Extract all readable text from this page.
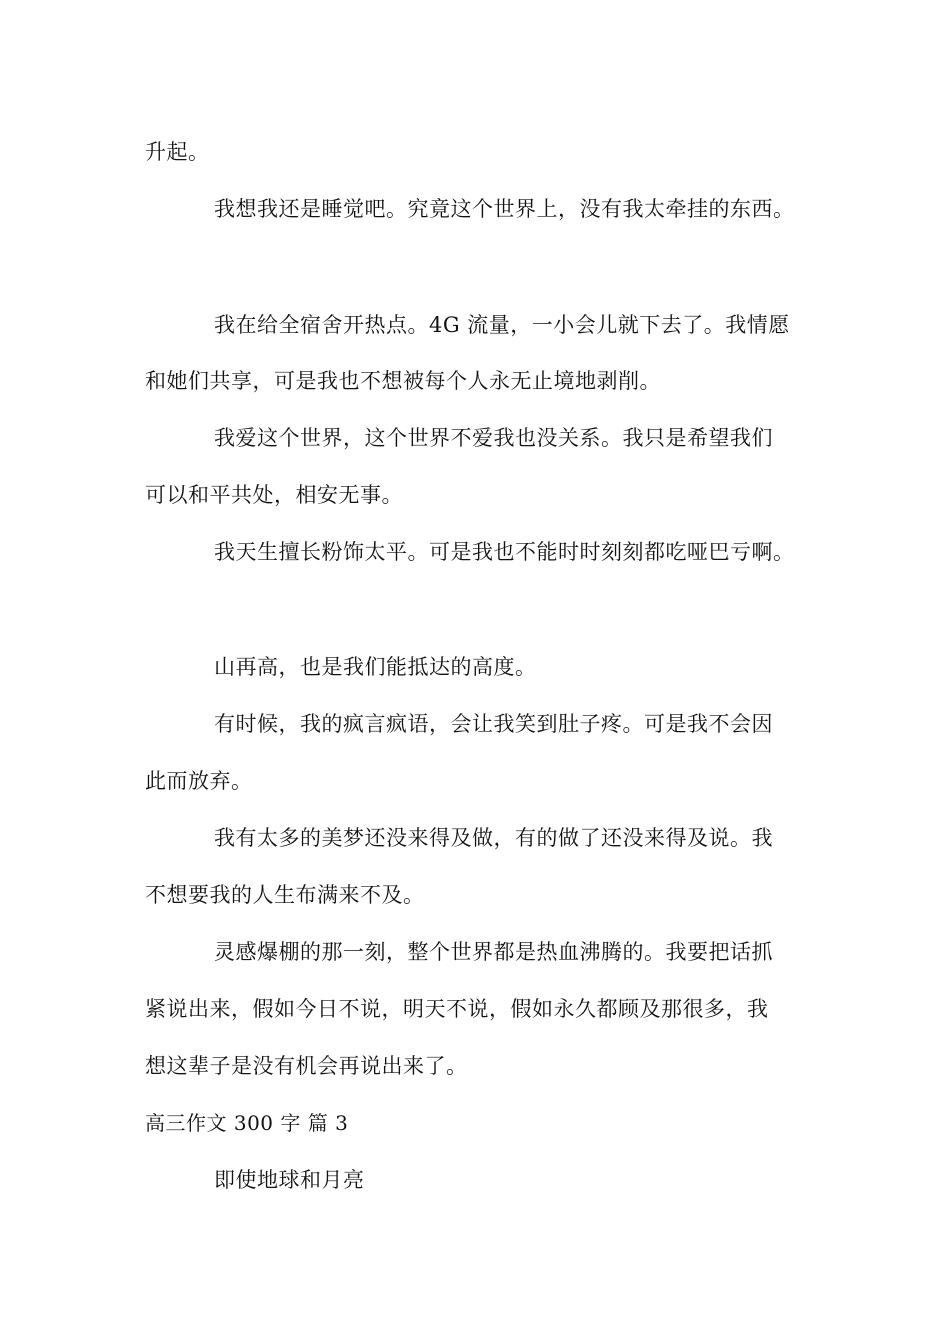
升起。
我想我还是睡觉吧。究竟这个世界上，没有我太牵挂的东西。
我在给全宿舍开热点。4G 流量，一小会儿就下去了。我情愿
和她们共享，可是我也不想被每个人永无止境地剥削。
我爱这个世界，这个世界不爱我也没关系。我只是希望我们
可以和平共处，相安无事。
我天生擅长粉饰太平。可是我也不能时时刻刻都吃哑巴亏啊。
山再高，也是我们能抵达的高度。
有时候，我的疯言疯语，会让我笑到肚子疼。可是我不会因
此而放弃。
我有太多的美梦还没来得及做，有的做了还没来得及说。我
不想要我的人生布满来不及。
灵感爆棚的那一刻，整个世界都是热血沸腾的。我要把话抓
紧说出来，假如今日不说，明天不说，假如永久都顾及那很多，我
想这辈子是没有机会再说出来了。
高三作文 300 字 篇 3
即使地球和月亮
